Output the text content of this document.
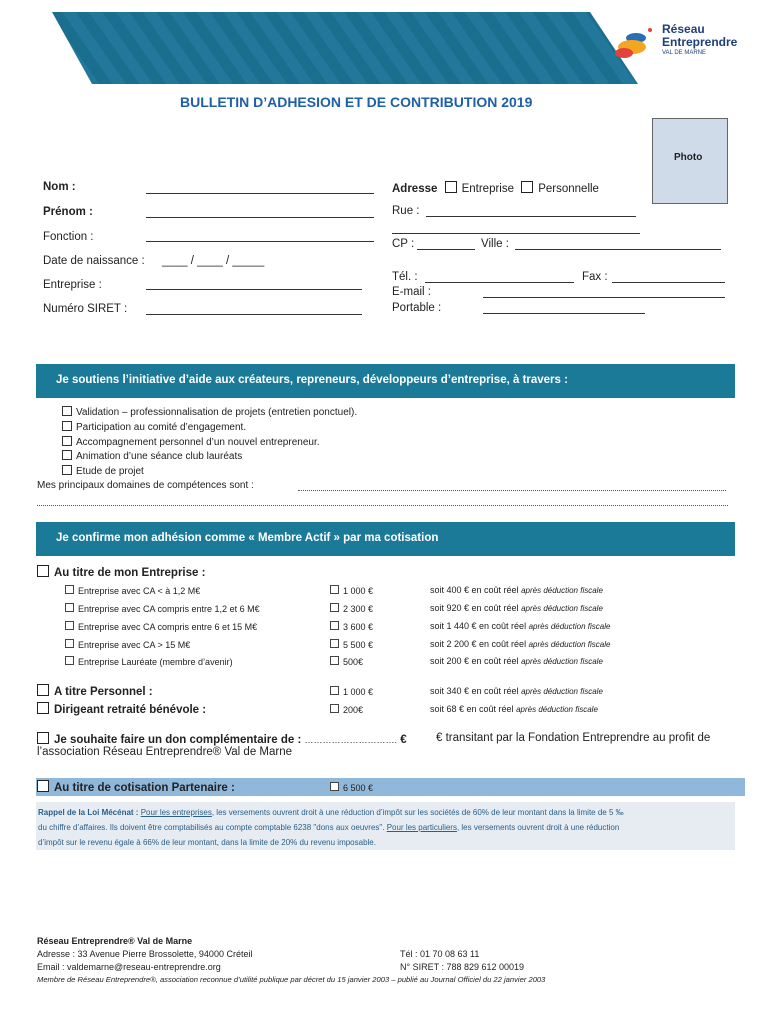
Réseau
Entreprendre
VAL DE MARNE
BULLETIN D’ADHESION ET DE CONTRIBUTION 2019
Photo
Nom :
Prénom :
Fonction :
Date de naissance : ____ / ____ / _____
Entreprise :
Numéro SIRET :
Adresse Entreprise Personnelle
Rue :
CP :	Ville :
Tél. :	Fax :
E-mail :
Portable :
Je soutiens l’initiative d’aide aux créateurs, repreneurs, développeurs d’entreprise, à travers :
Validation – professionnalisation de projets (entretien ponctuel).
Participation au comité d’engagement.
Accompagnement personnel d’un nouvel entrepreneur.
Animation d’une séance club lauréats
Etude de projet
Mes principaux domaines de compétences sont :
Je confirme mon adhésion comme « Membre Actif » par ma cotisation
Au titre de mon Entreprise :
Entreprise avec CA < à 1,2 M€	1 000 €	soit 400 € en coût réel après déduction fiscale
Entreprise avec CA compris entre 1,2 et 6 M€	2 300 €	soit 920 € en coût réel après déduction fiscale
Entreprise avec CA compris entre 6 et 15 M€	3 600 €	soit 1 440 € en coût réel après déduction fiscale
Entreprise avec CA > 15 M€	5 500 €	soit 2 200 € en coût réel après déduction fiscale
Entreprise Lauréate (membre d’avenir)	500€	soit 200 € en coût réel après déduction fiscale
A titre Personnel :	1 000 €	soit 340 € en coût réel après déduction fiscale
Dirigeant retraité bénévole :	200€	soit 68 € en coût réel après déduction fiscale
Je souhaite faire un don complémentaire de : …………………………. €	€ transitant par la Fondation Entreprendre au profit de
l’association Réseau Entreprendre® Val de Marne
Au titre de cotisation Partenaire :	6 500 €
Rappel de la Loi Mécénat : Pour les entreprises, les versements ouvrent droit à une réduction d’impôt sur les sociétés de 60% de leur montant dans la limite de 5 ‰
du chiffre d’affaires. Ils doivent être comptabilisés au compte comptable 6238 "dons aux oeuvres". Pour les particuliers, les versements ouvrent droit à une réduction
d’impôt sur le revenu égale à 66% de leur montant, dans la limite de 20% du revenu imposable.
Réseau Entreprendre® Val de Marne
Adresse : 33 Avenue Pierre Brossolette, 94000 Créteil
Email : valdemarne@reseau-entreprendre.org
Tél : 01 70 08 63 11
N° SIRET : 788 829 612 00019
Membre de Réseau Entreprendre®, association reconnue d’utilité publique par décret du 15 janvier 2003 – publié au Journal Officiel du 22 janvier 2003
